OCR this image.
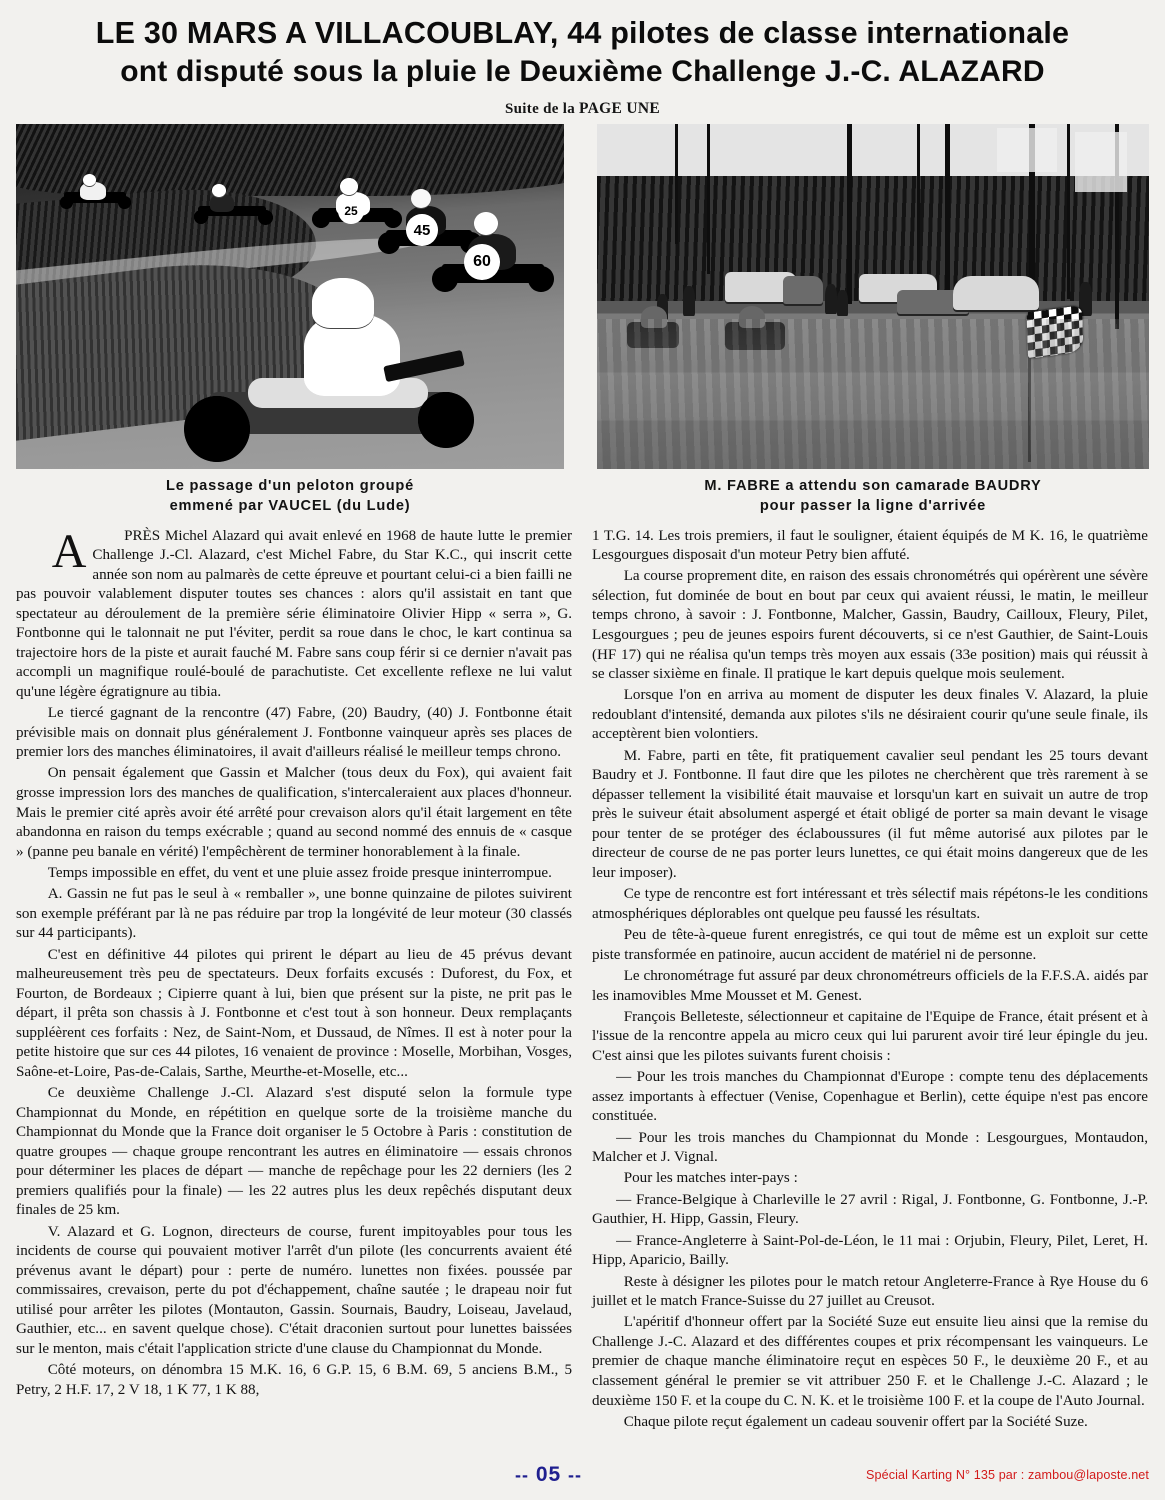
LE 30 MARS A VILLACOUBLAY, 44 pilotes de classe internationale
ont disputé sous la pluie le Deuxième Challenge J.-C. ALAZARD
Suite de la PAGE UNE
25
45
60
Le passage d'un peloton groupé
emmené par VAUCEL (du Lude)
M. FABRE a attendu son camarade BAUDRY
pour passer la ligne d'arrivée

A PRÈS Michel Alazard qui avait enlevé en 1968 de haute lutte le premier Challenge J.-Cl. Alazard, c'est Michel Fabre, du Star K.C., qui inscrit cette année son nom au palmarès de cette épreuve et pourtant celui-ci a bien failli ne pas pouvoir valablement disputer toutes ses chances : alors qu'il assistait en tant que spectateur au déroulement de la première série éliminatoire Olivier Hipp « serra », G. Fontbonne qui le talonnait ne put l'éviter, perdit sa roue dans le choc, le kart continua sa trajectoire hors de la piste et aurait fauché M. Fabre sans coup férir si ce dernier n'avait pas accompli un magnifique roulé-boulé de parachutiste. Cet excellente reflexe ne lui valut qu'une légère égratignure au tibia.

Le tiercé gagnant de la rencontre (47) Fabre, (20) Baudry, (40) J. Fontbonne était prévisible mais on donnait plus généralement J. Fontbonne vainqueur après ses places de premier lors des manches éliminatoires, il avait d'ailleurs réalisé le meilleur temps chrono.

On pensait également que Gassin et Malcher (tous deux du Fox), qui avaient fait grosse impression lors des manches de qualification, s'intercaleraient aux places d'honneur. Mais le premier cité après avoir été arrêté pour crevaison alors qu'il était largement en tête abandonna en raison du temps exécrable ; quand au second nommé des ennuis de « casque » (panne peu banale en vérité) l'empêchèrent de terminer honorablement à la finale.

Temps impossible en effet, du vent et une pluie assez froide presque ininterrompue.

A. Gassin ne fut pas le seul à « remballer », une bonne quinzaine de pilotes suivirent son exemple préférant par là ne pas réduire par trop la longévité de leur moteur (30 classés sur 44 participants).

C'est en définitive 44 pilotes qui prirent le départ au lieu de 45 prévus devant malheureusement très peu de spectateurs. Deux forfaits excusés : Duforest, du Fox, et Fourton, de Bordeaux ; Cipierre quant à lui, bien que présent sur la piste, ne prit pas le départ, il prêta son chassis à J. Fontbonne et c'est tout à son honneur. Deux remplaçants suppléèrent ces forfaits : Nez, de Saint-Nom, et Dussaud, de Nîmes. Il est à noter pour la petite histoire que sur ces 44 pilotes, 16 venaient de province : Moselle, Morbihan, Vosges, Saône-et-Loire, Pas-de-Calais, Sarthe, Meurthe-et-Moselle, etc...

Ce deuxième Challenge J.-Cl. Alazard s'est disputé selon la formule type Championnat du Monde, en répétition en quelque sorte de la troisième manche du Championnat du Monde que la France doit organiser le 5 Octobre à Paris : constitution de quatre groupes — chaque groupe rencontrant les autres en éliminatoire — essais chronos pour déterminer les places de départ — manche de repêchage pour les 22 derniers (les 2 premiers qualifiés pour la finale) — les 22 autres plus les deux repêchés disputant deux finales de 25 km.

V. Alazard et G. Lognon, directeurs de course, furent impitoyables pour tous les incidents de course qui pouvaient motiver l'arrêt d'un pilote (les concurrents avaient été prévenus avant le départ) pour : perte de numéro. lunettes non fixées. poussée par commissaires, crevaison, perte du pot d'échappement, chaîne sautée ; le drapeau noir fut utilisé pour arrêter les pilotes (Montauton, Gassin. Sournais, Baudry, Loiseau, Javelaud, Gauthier, etc... en savent quelque chose). C'était draconien surtout pour lunettes baissées sur le menton, mais c'était l'application stricte d'une clause du Championnat du Monde.

Côté moteurs, on dénombra 15 M.K. 16, 6 G.P. 15, 6 B.M. 69, 5 anciens B.M., 5 Petry, 2 H.F. 17, 2 V 18, 1 K 77, 1 K 88,

1 T.G. 14. Les trois premiers, il faut le souligner, étaient équipés de M K. 16, le quatrième Lesgourgues disposait d'un moteur Petry bien affuté.

La course proprement dite, en raison des essais chronométrés qui opérèrent une sévère sélection, fut dominée de bout en bout par ceux qui avaient réussi, le matin, le meilleur temps chrono, à savoir : J. Fontbonne, Malcher, Gassin, Baudry, Cailloux, Fleury, Pilet, Lesgourgues ; peu de jeunes espoirs furent découverts, si ce n'est Gauthier, de Saint-Louis (HF 17) qui ne réalisa qu'un temps très moyen aux essais (33e position) mais qui réussit à se classer sixième en finale. Il pratique le kart depuis quelque mois seulement.

Lorsque l'on en arriva au moment de disputer les deux finales V. Alazard, la pluie redoublant d'intensité, demanda aux pilotes s'ils ne désiraient courir qu'une seule finale, ils acceptèrent bien volontiers.

M. Fabre, parti en tête, fit pratiquement cavalier seul pendant les 25 tours devant Baudry et J. Fontbonne. Il faut dire que les pilotes ne cherchèrent que très rarement à se dépasser tellement la visibilité était mauvaise et lorsqu'un kart en suivait un autre de trop près le suiveur était absolument aspergé et était obligé de porter sa main devant le visage pour tenter de se protéger des éclaboussures (il fut même autorisé aux pilotes par le directeur de course de ne pas porter leurs lunettes, ce qui était moins dangereux que de les leur imposer).

Ce type de rencontre est fort intéressant et très sélectif mais répétons-le les conditions atmosphériques déplorables ont quelque peu faussé les résultats.

Peu de tête-à-queue furent enregistrés, ce qui tout de même est un exploit sur cette piste transformée en patinoire, aucun accident de matériel ni de personne.

Le chronométrage fut assuré par deux chronométreurs officiels de la F.F.S.A. aidés par les inamovibles Mme Mousset et M. Genest.

François Belleteste, sélectionneur et capitaine de l'Equipe de France, était présent et à l'issue de la rencontre appela au micro ceux qui lui parurent avoir tiré leur épingle du jeu. C'est ainsi que les pilotes suivants furent choisis :

— Pour les trois manches du Championnat d'Europe : compte tenu des déplacements assez importants à effectuer (Venise, Copenhague et Berlin), cette équipe n'est pas encore constituée.

— Pour les trois manches du Championnat du Monde : Lesgourgues, Montaudon, Malcher et J. Vignal.

Pour les matches inter-pays :

— France-Belgique à Charleville le 27 avril : Rigal, J. Fontbonne, G. Fontbonne, J.-P. Gauthier, H. Hipp, Gassin, Fleury.

— France-Angleterre à Saint-Pol-de-Léon, le 11 mai : Orjubin, Fleury, Pilet, Leret, H. Hipp, Aparicio, Bailly.

Reste à désigner les pilotes pour le match retour Angleterre-France à Rye House du 6 juillet et le match France-Suisse du 27 juillet au Creusot.

L'apéritif d'honneur offert par la Société Suze eut ensuite lieu ainsi que la remise du Challenge J.-C. Alazard et des différentes coupes et prix récompensant les vainqueurs. Le premier de chaque manche éliminatoire reçut en espèces 50 F., le deuxième 20 F., et au classement général le premier se vit attribuer 250 F. et le Challenge J.-C. Alazard ; le deuxième 150 F. et la coupe du C. N. K. et le troisième 100 F. et la coupe de l'Auto Journal.

Chaque pilote reçut également un cadeau souvenir offert par la Société Suze.

-- 05 --	Spécial Karting N° 135 par : zambou@laposte.net
